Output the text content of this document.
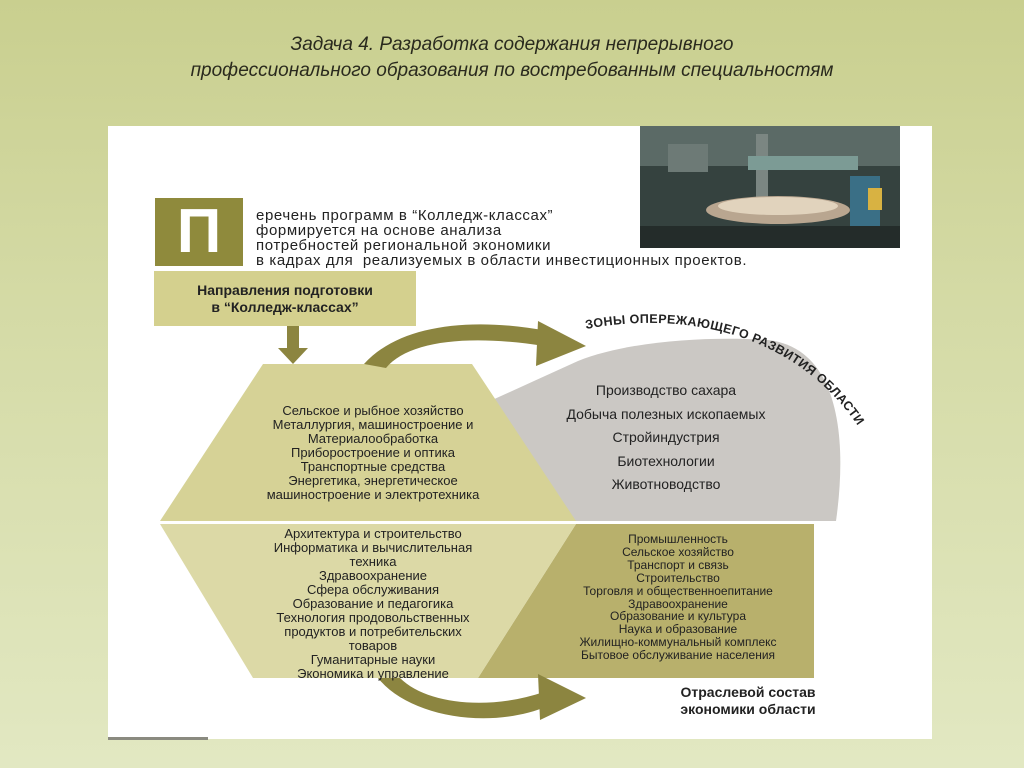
Задача 4. Разработка содержания непрерывного
профессионального образования по востребованным специальностям
ЗОНЫ ОПЕРЕЖАЮЩЕГО РАЗВИТИЯ ОБЛАСТИ
П	еречень программ в “Колледж-классах”
формируется на основе анализа
потребностей региональной экономики
в кадрах для  реализуемых в области инвестиционных проектов.
Направления подготовки
в “Колледж-классах”
Сельское и рыбное хозяйство
Металлургия, машиностроение и
Материалообработка
Приборостроение и оптика
Транспортные средства
Энергетика, энергетическое
машиностроение и электротехника
Архитектура и строительство
Информатика и вычислительная
техника
Здравоохранение
Сфера обслуживания
Образование и педагогика
Технология продовольственных
продуктов и потребительских
товаров
Гуманитарные науки
Экономика и управление
Производство сахара
Добыча полезных ископаемых
Стройиндустрия
Биотехнологии
Животноводство
Промышленность
Сельское хозяйство
Транспорт и связь
Строительство
Торговля и общественноепитание
Здравоохранение
Образование и культура
Наука и образование
Жилищно-коммунальный комплекс
Бытовое обслуживание населения
Отраслевой состав
экономики области
